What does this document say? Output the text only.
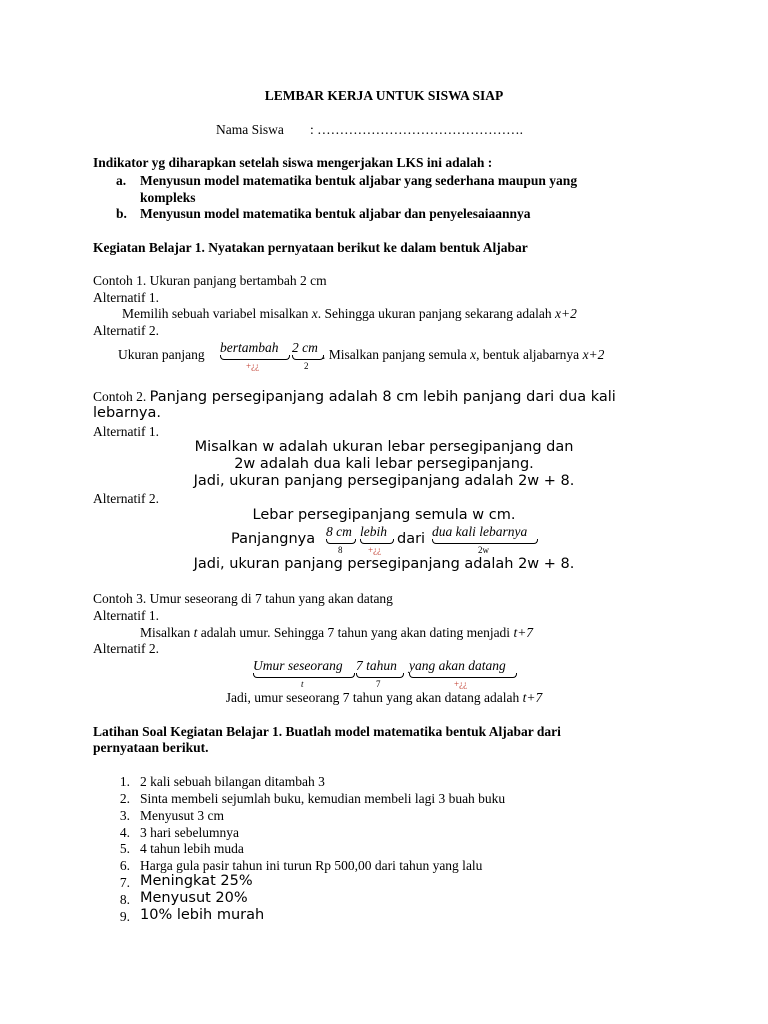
LEMBAR KERJA UNTUK SISWA SIAP
Nama Siswa : ……………………………………….
Indikator yg diharapkan setelah siswa mengerjakan LKS ini adalah :
a. Menyusun model matematika bentuk aljabar yang sederhana maupun yang
kompleks
b. Menyusun model matematika bentuk aljabar dan penyelesaiaannya
Kegiatan Belajar 1. Nyatakan pernyataan berikut ke dalam bentuk Aljabar
Contoh 1. Ukuran panjang bertambah 2 cm
Alternatif 1.
Memilih sebuah variabel misalkan x. Sehingga ukuran panjang sekarang adalah x+2
Alternatif 2.
Ukuran panjang bertambah
+¿¿
2 cm
2
. Misalkan panjang semula x, bentuk aljabarnya x+2
Contoh 2. Panjang persegipanjang adalah 8 cm lebih panjang dari dua kali
lebarnya.
Alternatif 1.
Misalkan w adalah ukuran lebar persegipanjang dan
2w adalah dua kali lebar persegipanjang.
Jadi, ukuran panjang persegipanjang adalah 2w + 8.
Alternatif 2.
Lebar persegipanjang semula w cm.
Panjangnya 8 cm
8
lebih
+¿¿
dari dua kali lebarnya
2w
Jadi, ukuran panjang persegipanjang adalah 2w + 8.
Contoh 3. Umur seseorang di 7 tahun yang akan datang
Alternatif 1.
Misalkan t adalah umur. Sehingga 7 tahun yang akan dating menjadi t+7
Alternatif 2.
Umur seseorang
t
7 tahun
7
yang akan datang
+¿¿
Jadi, umur seseorang 7 tahun yang akan datang adalah t+7
Latihan Soal Kegiatan Belajar 1. Buatlah model matematika bentuk Aljabar dari
pernyataan berikut.
1. 2 kali sebuah bilangan ditambah 3
2. Sinta membeli sejumlah buku, kemudian membeli lagi 3 buah buku
3. Menyusut 3 cm
4. 3 hari sebelumnya
5. 4 tahun lebih muda
6. Harga gula pasir tahun ini turun Rp 500,00 dari tahun yang lalu
7. Meningkat 25%
8. Menyusut 20%
9. 10% lebih murah
